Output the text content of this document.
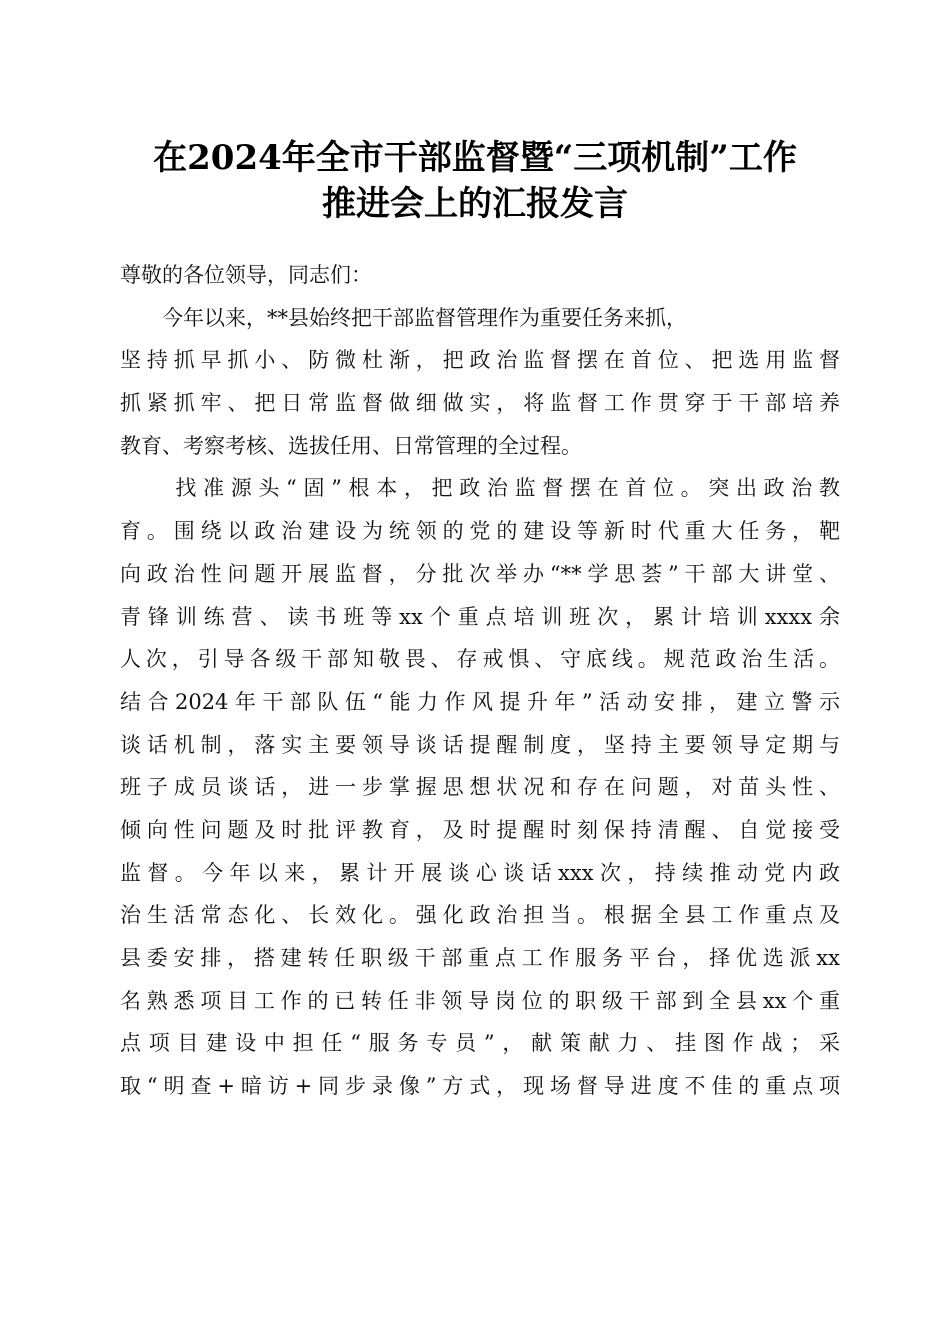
在2024年全市干部监督暨“三项机制”工作
推进会上的汇报发言
尊敬的各位领导，同志们：
　　今年以来，**县始终把干部监督管理作为重要任务来抓，
坚持抓早抓小、防微杜渐，把政治监督摆在首位、把选用监督
抓紧抓牢、把日常监督做细做实，将监督工作贯穿于干部培养
教育、考察考核、选拔任用、日常管理的全过程。
　　找准源头“固”根本，把政治监督摆在首位。突出政治教
育。围绕以政治建设为统领的党的建设等新时代重大任务，靶
向政治性问题开展监督，分批次举办“**学思荟”干部大讲堂、
青锋训练营、读书班等xx个重点培训班次，累计培训xxxx余
人次，引导各级干部知敬畏、存戒惧、守底线。规范政治生活。
结合2024年干部队伍“能力作风提升年”活动安排，建立警示
谈话机制，落实主要领导谈话提醒制度，坚持主要领导定期与
班子成员谈话，进一步掌握思想状况和存在问题，对苗头性、
倾向性问题及时批评教育，及时提醒时刻保持清醒、自觉接受
监督。今年以来，累计开展谈心谈话xxx次，持续推动党内政
治生活常态化、长效化。强化政治担当。根据全县工作重点及
县委安排，搭建转任职级干部重点工作服务平台，择优选派xx
名熟悉项目工作的已转任非领导岗位的职级干部到全县xx个重
点项目建设中担任“服务专员”，献策献力、挂图作战；采
取“明查+暗访+同步录像”方式，现场督导进度不佳的重点项
